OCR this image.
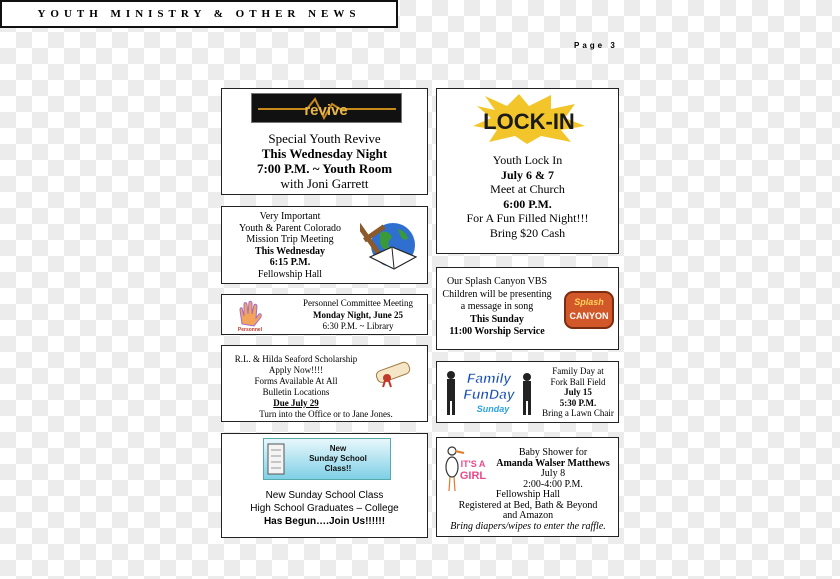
Page 3
YOUTH MINISTRY & OTHER NEWS
revive
Special Youth Revive
This Wednesday Night
7:00 P.M. ~ Youth Room
with Joni Garrett
LOCK-IN
Youth Lock In
July 6 & 7
Meet at Church
6:00 P.M.
For A Fun Filled Night!!!
Bring $20 Cash
Very Important
Youth & Parent Colorado
Mission Trip Meeting
This Wednesday
6:15 P.M.
Fellowship Hall
Our Splash Canyon VBS
Children will be presenting
a message in song
This Sunday
11:00 Worship Service
Splash
CANYON
Personnel
Personnel Committee Meeting
Monday Night, June 25
6:30 P.M. ~ Library
Family
FunDay
Sunday
Family Day at
Fork Ball Field
July 15
5:30 P.M.
Bring a Lawn Chair
R.L. & Hilda Seaford Scholarship
Apply Now!!!!
Forms Available At All
Bulletin Locations
Due July 29
Turn into the Office or to Jane Jones.
New
Sunday School
Class!!
New Sunday School Class
High School Graduates – College
Has Begun….Join Us!!!!!!
IT'S A
GIRL
Baby Shower for
Amanda Walser Matthews
July 8
2:00-4:00 P.M.
Fellowship Hall
Registered at Bed, Bath & Beyond
and Amazon
Bring diapers/wipes to enter the raffle.
